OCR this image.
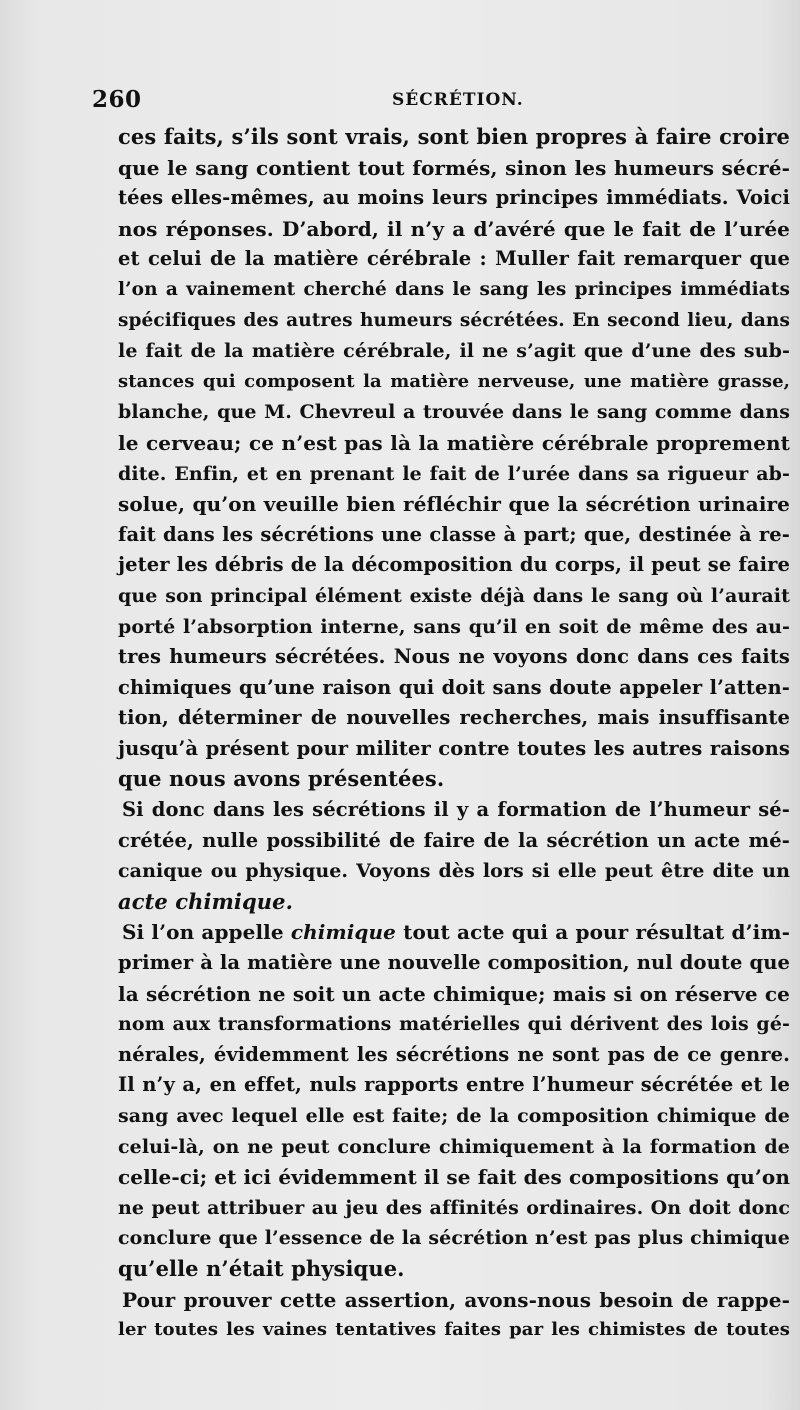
260	SÉCRÉTION.
ces faits, s’ils sont vrais, sont bien propres à faire croire
que le sang contient tout formés, sinon les humeurs sécré-
tées elles-mêmes, au moins leurs principes immédiats. Voici
nos réponses. D’abord, il n’y a d’avéré que le fait de l’urée
et celui de la matière cérébrale : Muller fait remarquer que
l’on a vainement cherché dans le sang les principes immédiats
spécifiques des autres humeurs sécrétées. En second lieu, dans
le fait de la matière cérébrale, il ne s’agit que d’une des sub-
stances qui composent la matière nerveuse, une matière grasse,
blanche, que M. Chevreul a trouvée dans le sang comme dans
le cerveau; ce n’est pas là la matière cérébrale proprement
dite. Enfin, et en prenant le fait de l’urée dans sa rigueur ab-
solue, qu’on veuille bien réfléchir que la sécrétion urinaire
fait dans les sécrétions une classe à part; que, destinée à re-
jeter les débris de la décomposition du corps, il peut se faire
que son principal élément existe déjà dans le sang où l’aurait
porté l’absorption interne, sans qu’il en soit de même des au-
tres humeurs sécrétées. Nous ne voyons donc dans ces faits
chimiques qu’une raison qui doit sans doute appeler l’atten-
tion, déterminer de nouvelles recherches, mais insuffisante
jusqu’à présent pour militer contre toutes les autres raisons
que nous avons présentées.
Si donc dans les sécrétions il y a formation de l’humeur sé-
crétée, nulle possibilité de faire de la sécrétion un acte mé-
canique ou physique. Voyons dès lors si elle peut être dite un
acte chimique.
Si l’on appelle chimique tout acte qui a pour résultat d’im-
primer à la matière une nouvelle composition, nul doute que
la sécrétion ne soit un acte chimique; mais si on réserve ce
nom aux transformations matérielles qui dérivent des lois gé-
nérales, évidemment les sécrétions ne sont pas de ce genre.
Il n’y a, en effet, nuls rapports entre l’humeur sécrétée et le
sang avec lequel elle est faite; de la composition chimique de
celui-là, on ne peut conclure chimiquement à la formation de
celle-ci; et ici évidemment il se fait des compositions qu’on
ne peut attribuer au jeu des affinités ordinaires. On doit donc
conclure que l’essence de la sécrétion n’est pas plus chimique
qu’elle n’était physique.
Pour prouver cette assertion, avons-nous besoin de rappe-
ler toutes les vaines tentatives faites par les chimistes de toutes
